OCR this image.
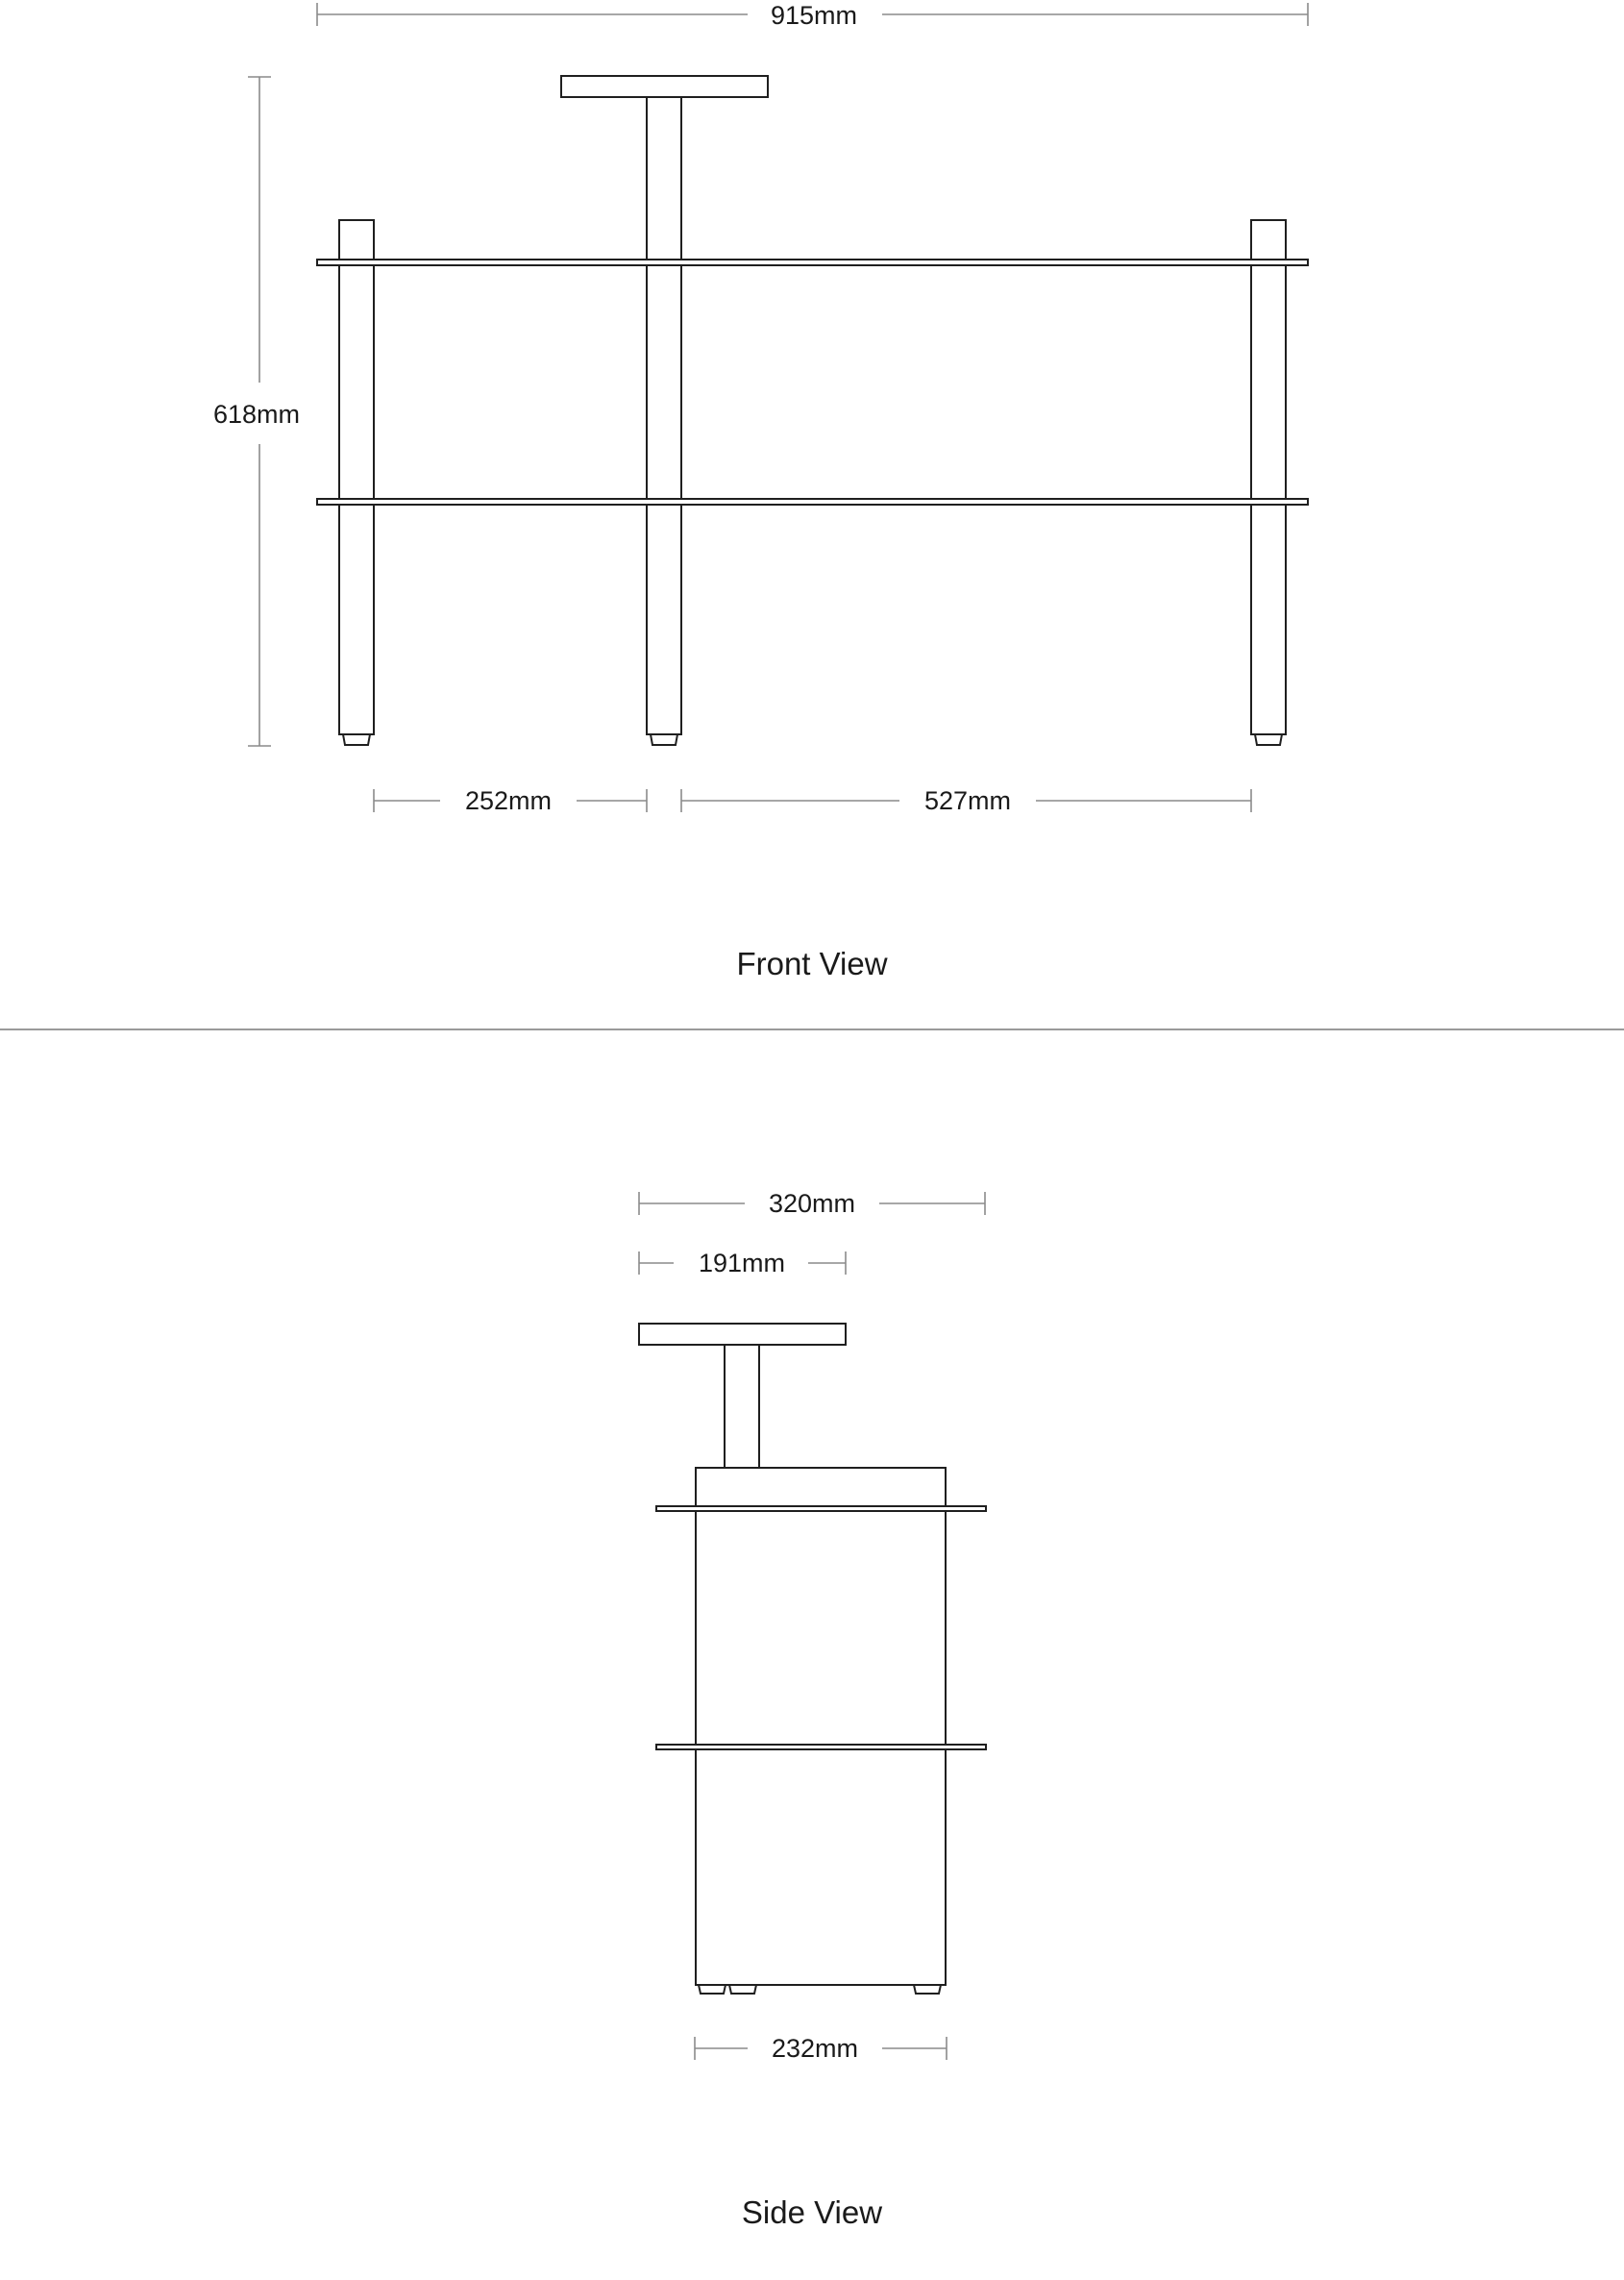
915mm
618mm
252mm	527mm
Front View
320mm
191mm
232mm
Side View
